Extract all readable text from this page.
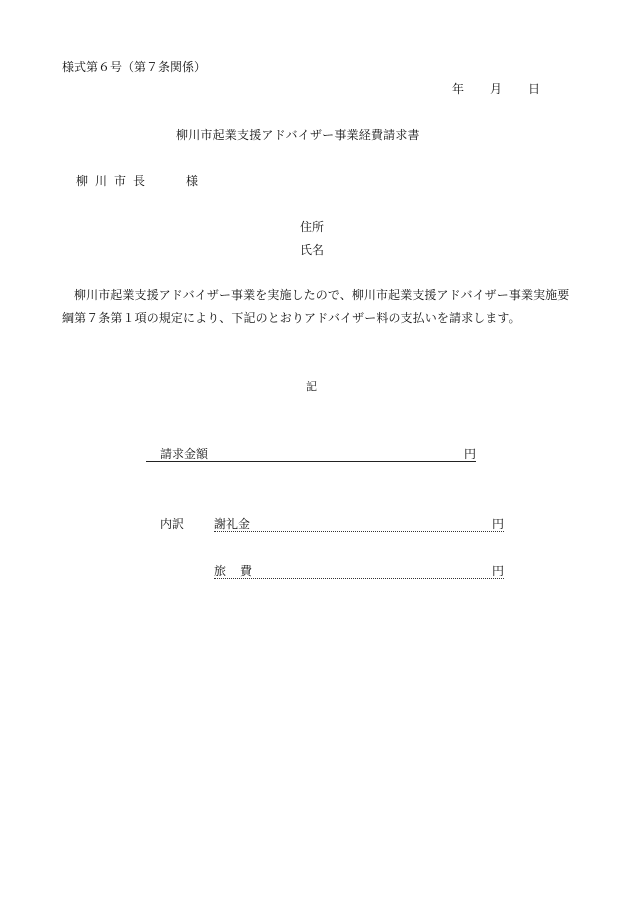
様式第６号（第７条関係）
年 月 日
柳川市起業支援アドバイザー事業経費請求書
柳川市長	様
住所
氏名
柳川市起業支援アドバイザー事業を実施したので、柳川市起業支援アドバイザー事業実施要綱第７条第１項の規定により、下記のとおりアドバイザー料の支払いを請求します。
記
請求金額	円
内訳 謝礼金	円
旅費	円
